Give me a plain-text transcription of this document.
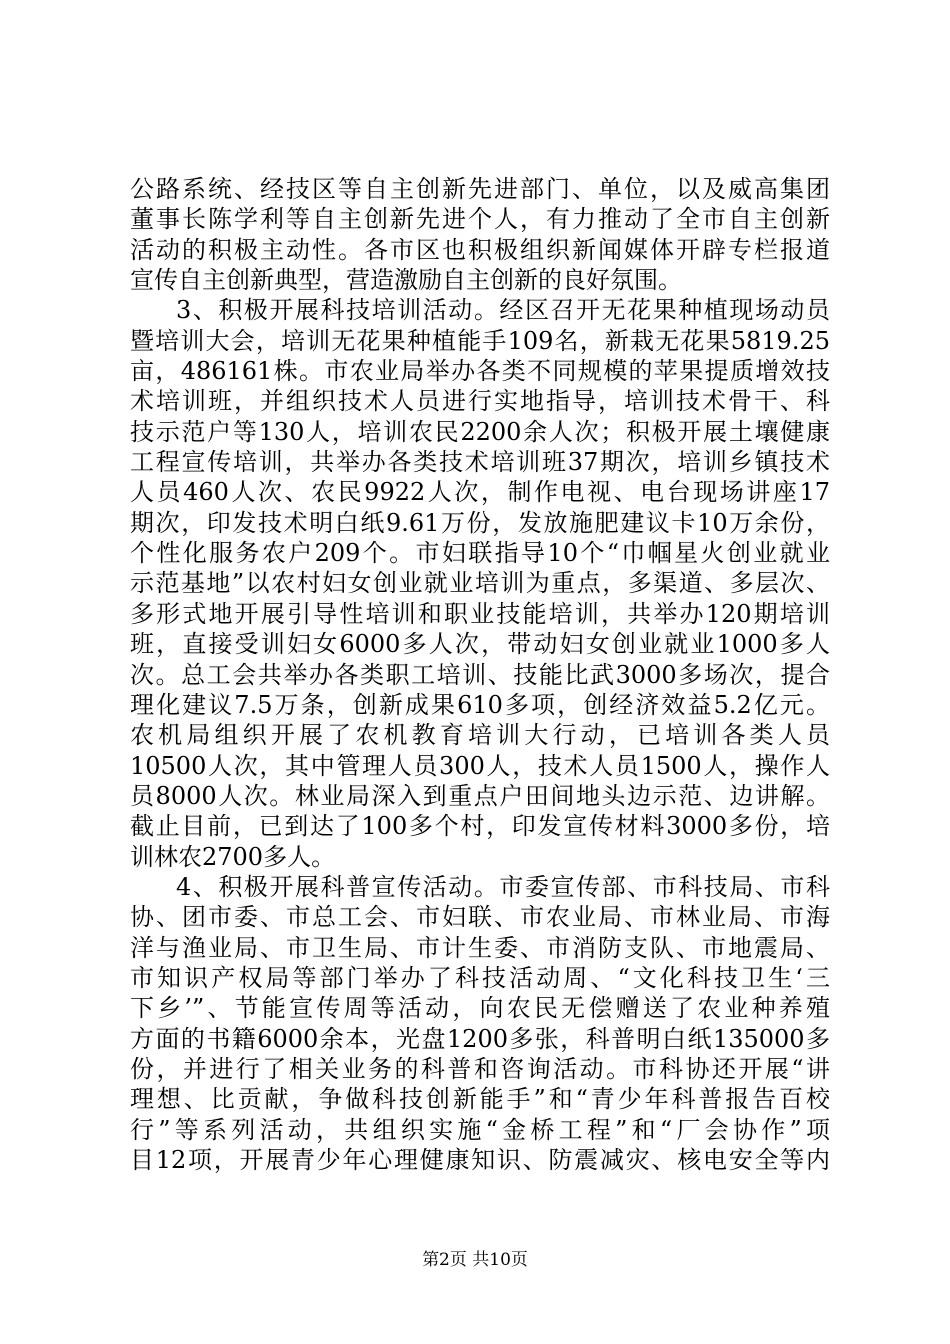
公路系统、经技区等自主创新先进部门、单位，以及威高集团
董事长陈学利等自主创新先进个人，有力推动了全市自主创新
活动的积极主动性。各市区也积极组织新闻媒体开辟专栏报道
宣传自主创新典型，营造激励自主创新的良好氛围。
3、积极开展科技培训活动。经区召开无花果种植现场动员
暨培训大会，培训无花果种植能手109名，新栽无花果5819.25
亩，486161株。市农业局举办各类不同规模的苹果提质增效技
术培训班，并组织技术人员进行实地指导，培训技术骨干、科
技示范户等130人，培训农民2200余人次；积极开展土壤健康
工程宣传培训，共举办各类技术培训班37期次，培训乡镇技术
人员460人次、农民9922人次，制作电视、电台现场讲座17
期次，印发技术明白纸9.61万份，发放施肥建议卡10万余份，
个性化服务农户209个。市妇联指导10个“巾帼星火创业就业
示范基地”以农村妇女创业就业培训为重点，多渠道、多层次、
多形式地开展引导性培训和职业技能培训，共举办120期培训
班，直接受训妇女6000多人次，带动妇女创业就业1000多人
次。总工会共举办各类职工培训、技能比武3000多场次，提合
理化建议7.5万条，创新成果610多项，创经济效益5.2亿元。
农机局组织开展了农机教育培训大行动，已培训各类人员
10500人次，其中管理人员300人，技术人员1500人，操作人
员8000人次。林业局深入到重点户田间地头边示范、边讲解。
截止目前，已到达了100多个村，印发宣传材料3000多份，培
训林农2700多人。
4、积极开展科普宣传活动。市委宣传部、市科技局、市科
协、团市委、市总工会、市妇联、市农业局、市林业局、市海
洋与渔业局、市卫生局、市计生委、市消防支队、市地震局、
市知识产权局等部门举办了科技活动周、“文化科技卫生‘三
下乡’”、节能宣传周等活动，向农民无偿赠送了农业种养殖
方面的书籍6000余本，光盘1200多张，科普明白纸135000多
份，并进行了相关业务的科普和咨询活动。市科协还开展“讲
理想、比贡献，争做科技创新能手”和“青少年科普报告百校
行”等系列活动，共组织实施“金桥工程”和“厂会协作”项
目12项，开展青少年心理健康知识、防震减灾、核电安全等内
第2页 共10页
